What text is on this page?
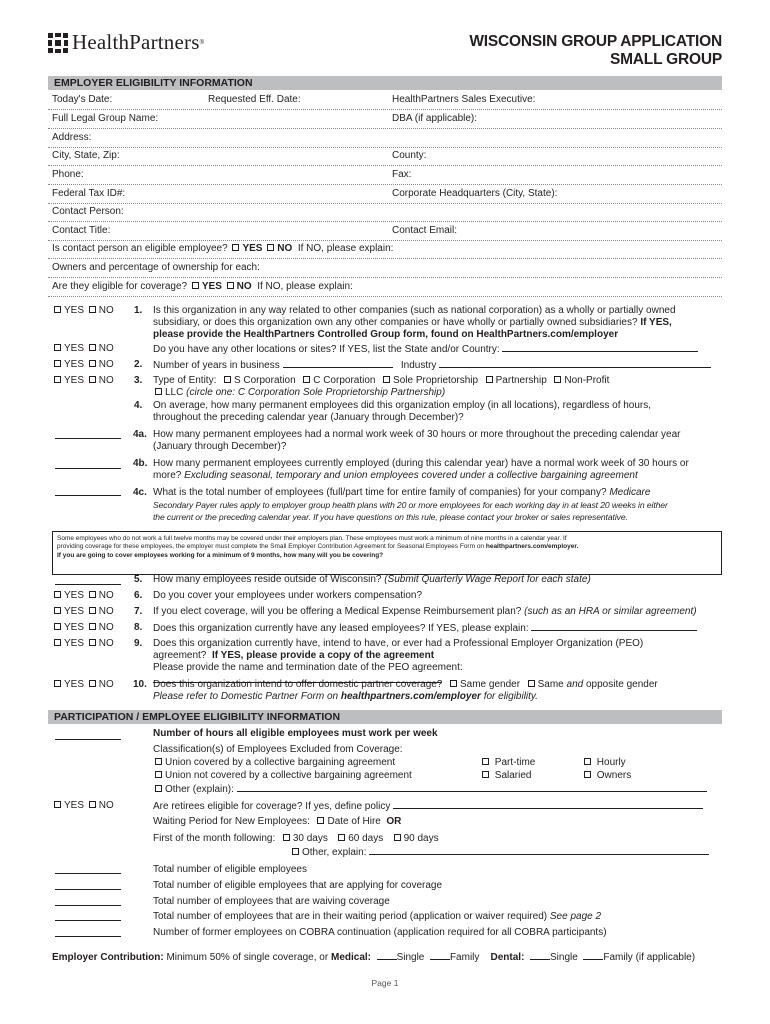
HealthPartners ®	WISCONSIN GROUP APPLICATION
SMALL GROUP
EMPLOYER ELIGIBILITY INFORMATION
Today's Date:	Requested Eff. Date:	HealthPartners Sales Executive:
Full Legal Group Name:	DBA (if applicable):
Address:
City, State, Zip:	County:
Phone:	Fax:
Federal Tax ID#:	Corporate Headquarters (City, State):
Contact Person:
Contact Title:	Contact Email:
Is contact person an eligible employee? YES NO If NO, please explain:
Owners and percentage of ownership for each:
Are they eligible for coverage? YES NO If NO, please explain:
YES NO 1. Is this organization in any way related to other companies (such as national corporation) as a wholly or partially owned
subsidiary, or does this organization own any other companies or have wholly or partially owned subsidiaries? If YES,
please provide the HealthPartners Controlled Group form, found on HealthPartners.com/employer
YES NO	Do you have any other locations or sites? If YES, list the State and/or Country:
YES NO 2. Number of years in business	Industry
YES NO 3. Type of Entity: S Corporation C Corporation Sole Proprietorship Partnership Non-Profit
LLC (circle one: C Corporation Sole Proprietorship Partnership)
4. On average, how many permanent employees did this organization employ (in all locations), regardless of hours,
throughout the preceding calendar year (January through December)?
4a. How many permanent employees had a normal work week of 30 hours or more throughout the preceding calendar year
(January through December)?
4b. How many permanent employees currently employed (during this calendar year) have a normal work week of 30 hours or
more? Excluding seasonal, temporary and union employees covered under a collective bargaining agreement
4c. What is the total number of employees (full/part time for entire family of companies) for your company? Medicare
Secondary Payer rules apply to employer group health plans with 20 or more employees for each working day in at least 20 weeks in either
the current or the preceding calendar year. If you have questions on this rule, please contact your broker or sales representative.
Some employees who do not work a full twelve months may be covered under their employers plan. These employees must work a minimum of nine months in a calendar year. If
providing coverage for these employees, the employer must complete the Small Employer Contribution Agreement for Seasonal Employees Form on healthpartners.com/employer.
If you are going to cover employees working for a minimum of 9 months, how many will you be covering?
5. How many employees reside outside of Wisconsin? (Submit Quarterly Wage Report for each state)
YES NO 6. Do you cover your employees under workers compensation?
YES NO 7. If you elect coverage, will you be offering a Medical Expense Reimbursement plan? (such as an HRA or similar agreement)
YES NO 8. Does this organization currently have any leased employees? If YES, please explain:
YES NO 9. Does this organization currently have, intend to have, or ever had a Professional Employer Organization (PEO)
agreement? If YES, please provide a copy of the agreement
Please provide the name and termination date of the PEO agreement:
YES NO 10. Does this organization intend to offer domestic partner coverage? Same gender Same and opposite gender
Please refer to Domestic Partner Form on healthpartners.com/employer for eligibility.
PARTICIPATION / EMPLOYEE ELIGIBILITY INFORMATION
Number of hours all eligible employees must work per week
Classification(s) of Employees Excluded from Coverage:
Union covered by a collective bargaining agreement
Union not covered by a collective bargaining agreement
Other (explain):
Part-time
Salaried
Hourly
Owners
YES NO	Are retirees eligible for coverage? If yes, define policy
Waiting Period for New Employees: Date of Hire OR
First of the month following: 30 days 60 days 90 days
Other, explain:
Total number of eligible employees
Total number of eligible employees that are applying for coverage
Total number of employees that are waiving coverage
Total number of employees that are in their waiting period (application or waiver required) See page 2
Number of former employees on COBRA continuation (application required for all COBRA participants)
Employer Contribution: Minimum 50% of single coverage, or Medical:	Single	Family Dental:	Single	Family (if applicable)
Page 1
